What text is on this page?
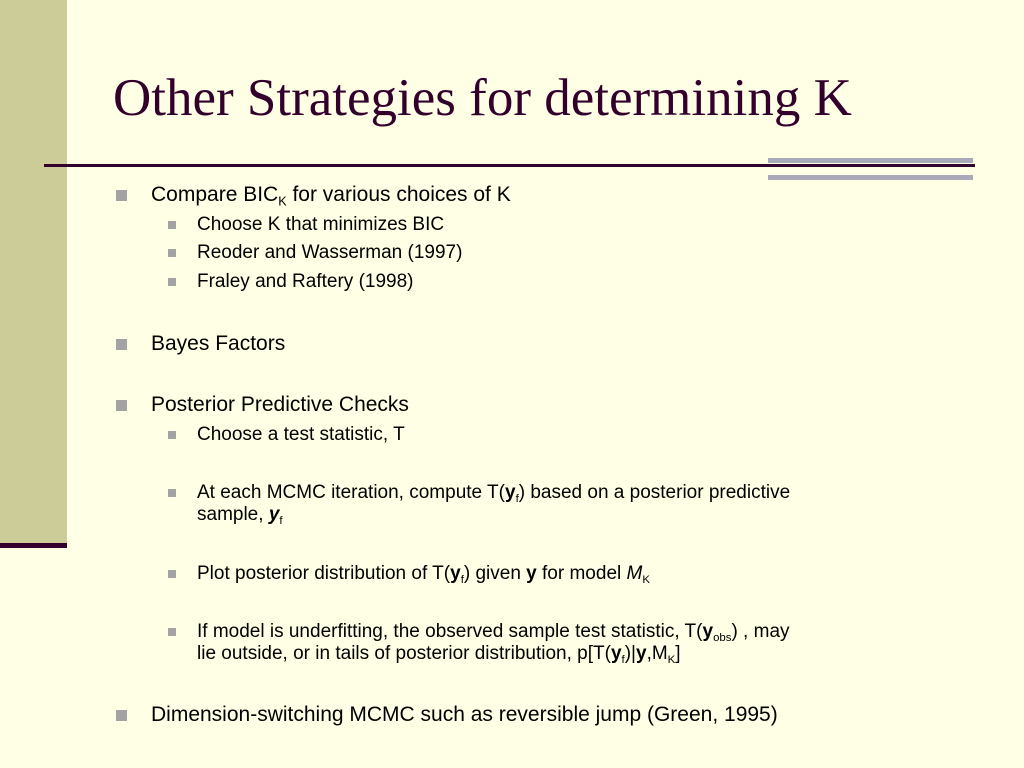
Other Strategies for determining K
Compare $BIC_K$ for various choices of K
Choose K that minimizes BIC
Reoder and Wasserman (1997)
Fraley and Raftery (1998)
Bayes Factors
Posterior Predictive Checks
Choose a test statistic, T
At each MCMC iteration, compute $T(y_f)$ based on a posterior predictive
sample, $y_f$
Plot posterior distribution of $T(y_f)$ given y for model $M_K$
If model is underfitting, the observed sample test statistic, $T(y_{obs})$ , may
lie outside, or in tails of posterior distribution, $p[T(y_f)|y,M_K]$
Dimension-switching MCMC such as reversible jump (Green, 1995)
